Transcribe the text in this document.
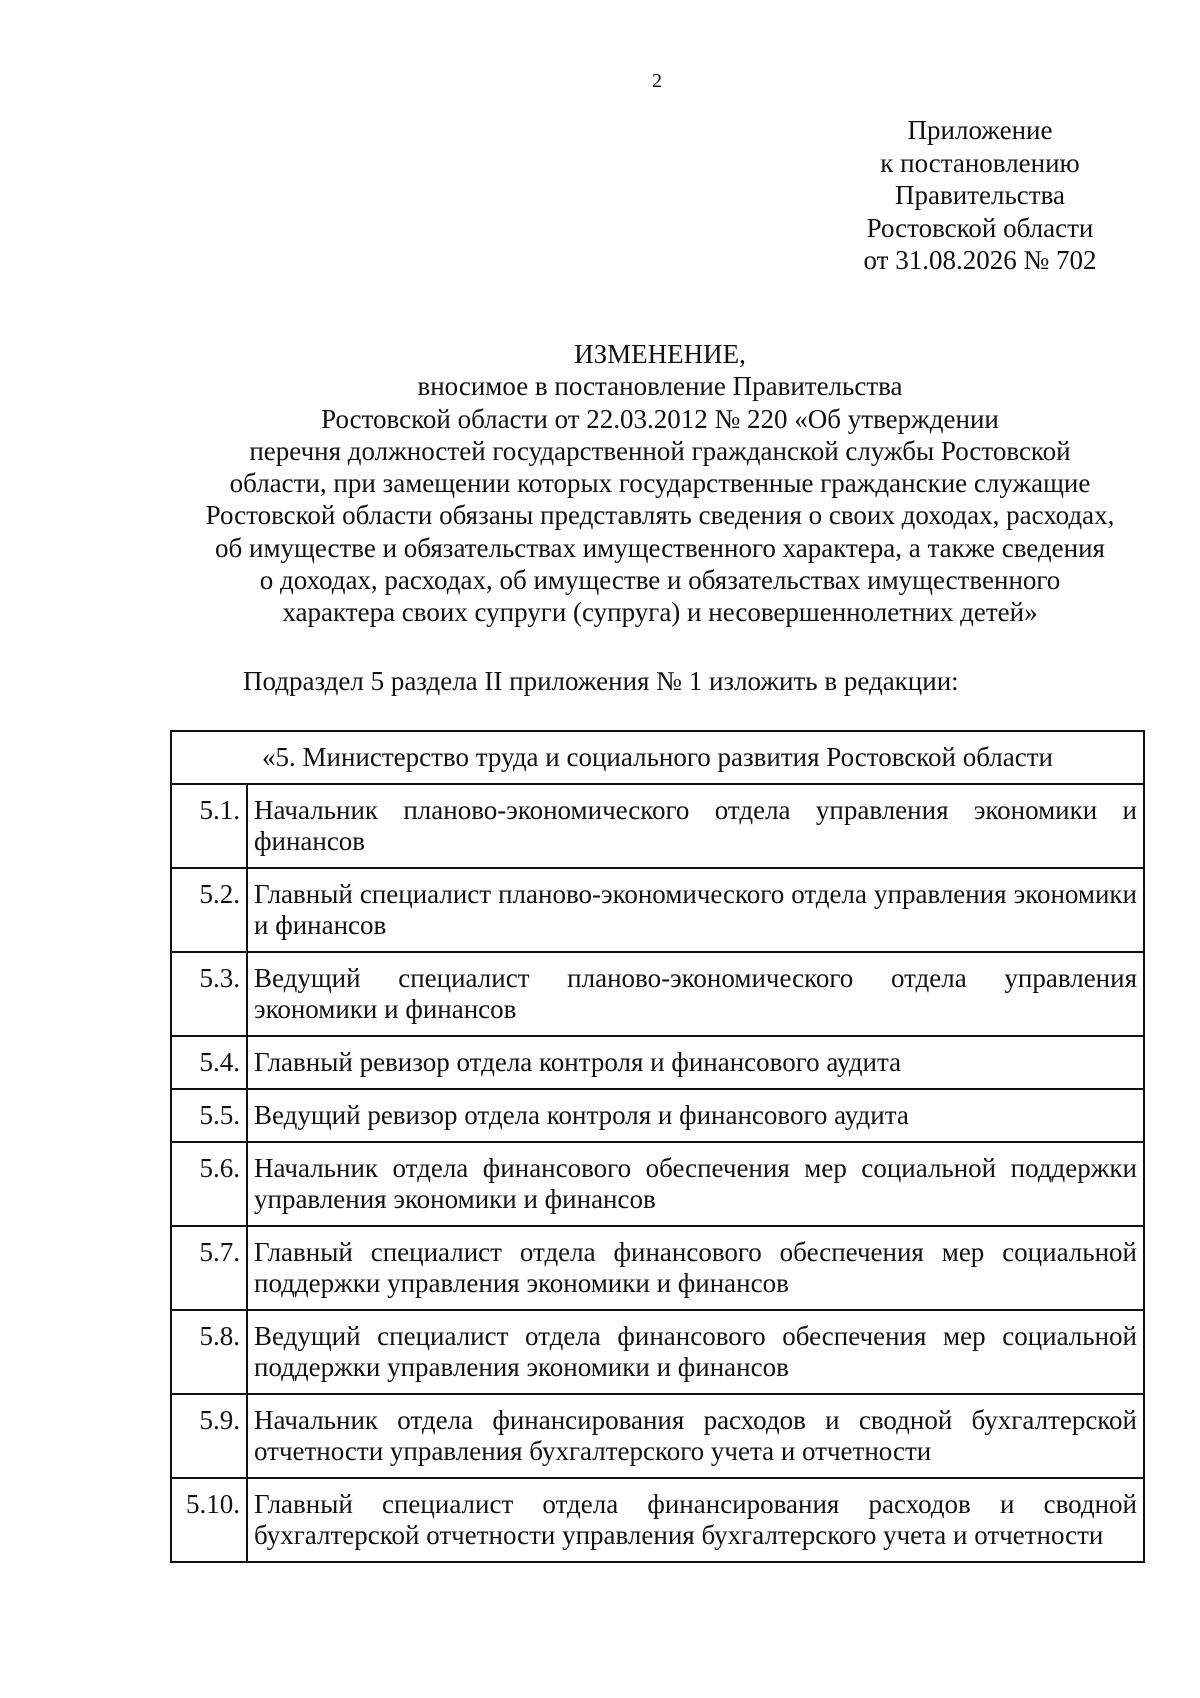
2
Приложение
к постановлению
Правительства
Ростовской области
от 31.08.2026 № 702
ИЗМЕНЕНИЕ,
вносимое в постановление Правительства
Ростовской области от 22.03.2012 № 220 «Об утверждении
перечня должностей государственной гражданской службы Ростовской
области, при замещении которых государственные гражданские служащие
Ростовской области обязаны представлять сведения о своих доходах, расходах,
об имуществе и обязательствах имущественного характера, а также сведения
о доходах, расходах, об имуществе и обязательствах имущественного
характера своих супруги (супруга) и несовершеннолетних детей»
Подраздел 5 раздела II приложения № 1 изложить в редакции:
«5. Министерство труда и социального развития Ростовской области	
5.1.	Начальник планово-экономического отдела управления экономики и финансов
5.2.	Главный специалист планово-экономического отдела управления экономики и финансов
5.3.	Ведущий специалист планово-экономического отдела управления экономики и финансов
5.4.	Главный ревизор отдела контроля и финансового аудита
5.5.	Ведущий ревизор отдела контроля и финансового аудита
5.6.	Начальник отдела финансового обеспечения мер социальной поддержки управления экономики и финансов
5.7.	Главный специалист отдела финансового обеспечения мер социальной поддержки управления экономики и финансов
5.8.	Ведущий специалист отдела финансового обеспечения мер социальной поддержки управления экономики и финансов
5.9.	Начальник отдела финансирования расходов и сводной бухгалтерской отчетности управления бухгалтерского учета и отчетности
5.10.	Главный специалист отдела финансирования расходов и сводной бухгалтерской отчетности управления бухгалтерского учета и отчетности
